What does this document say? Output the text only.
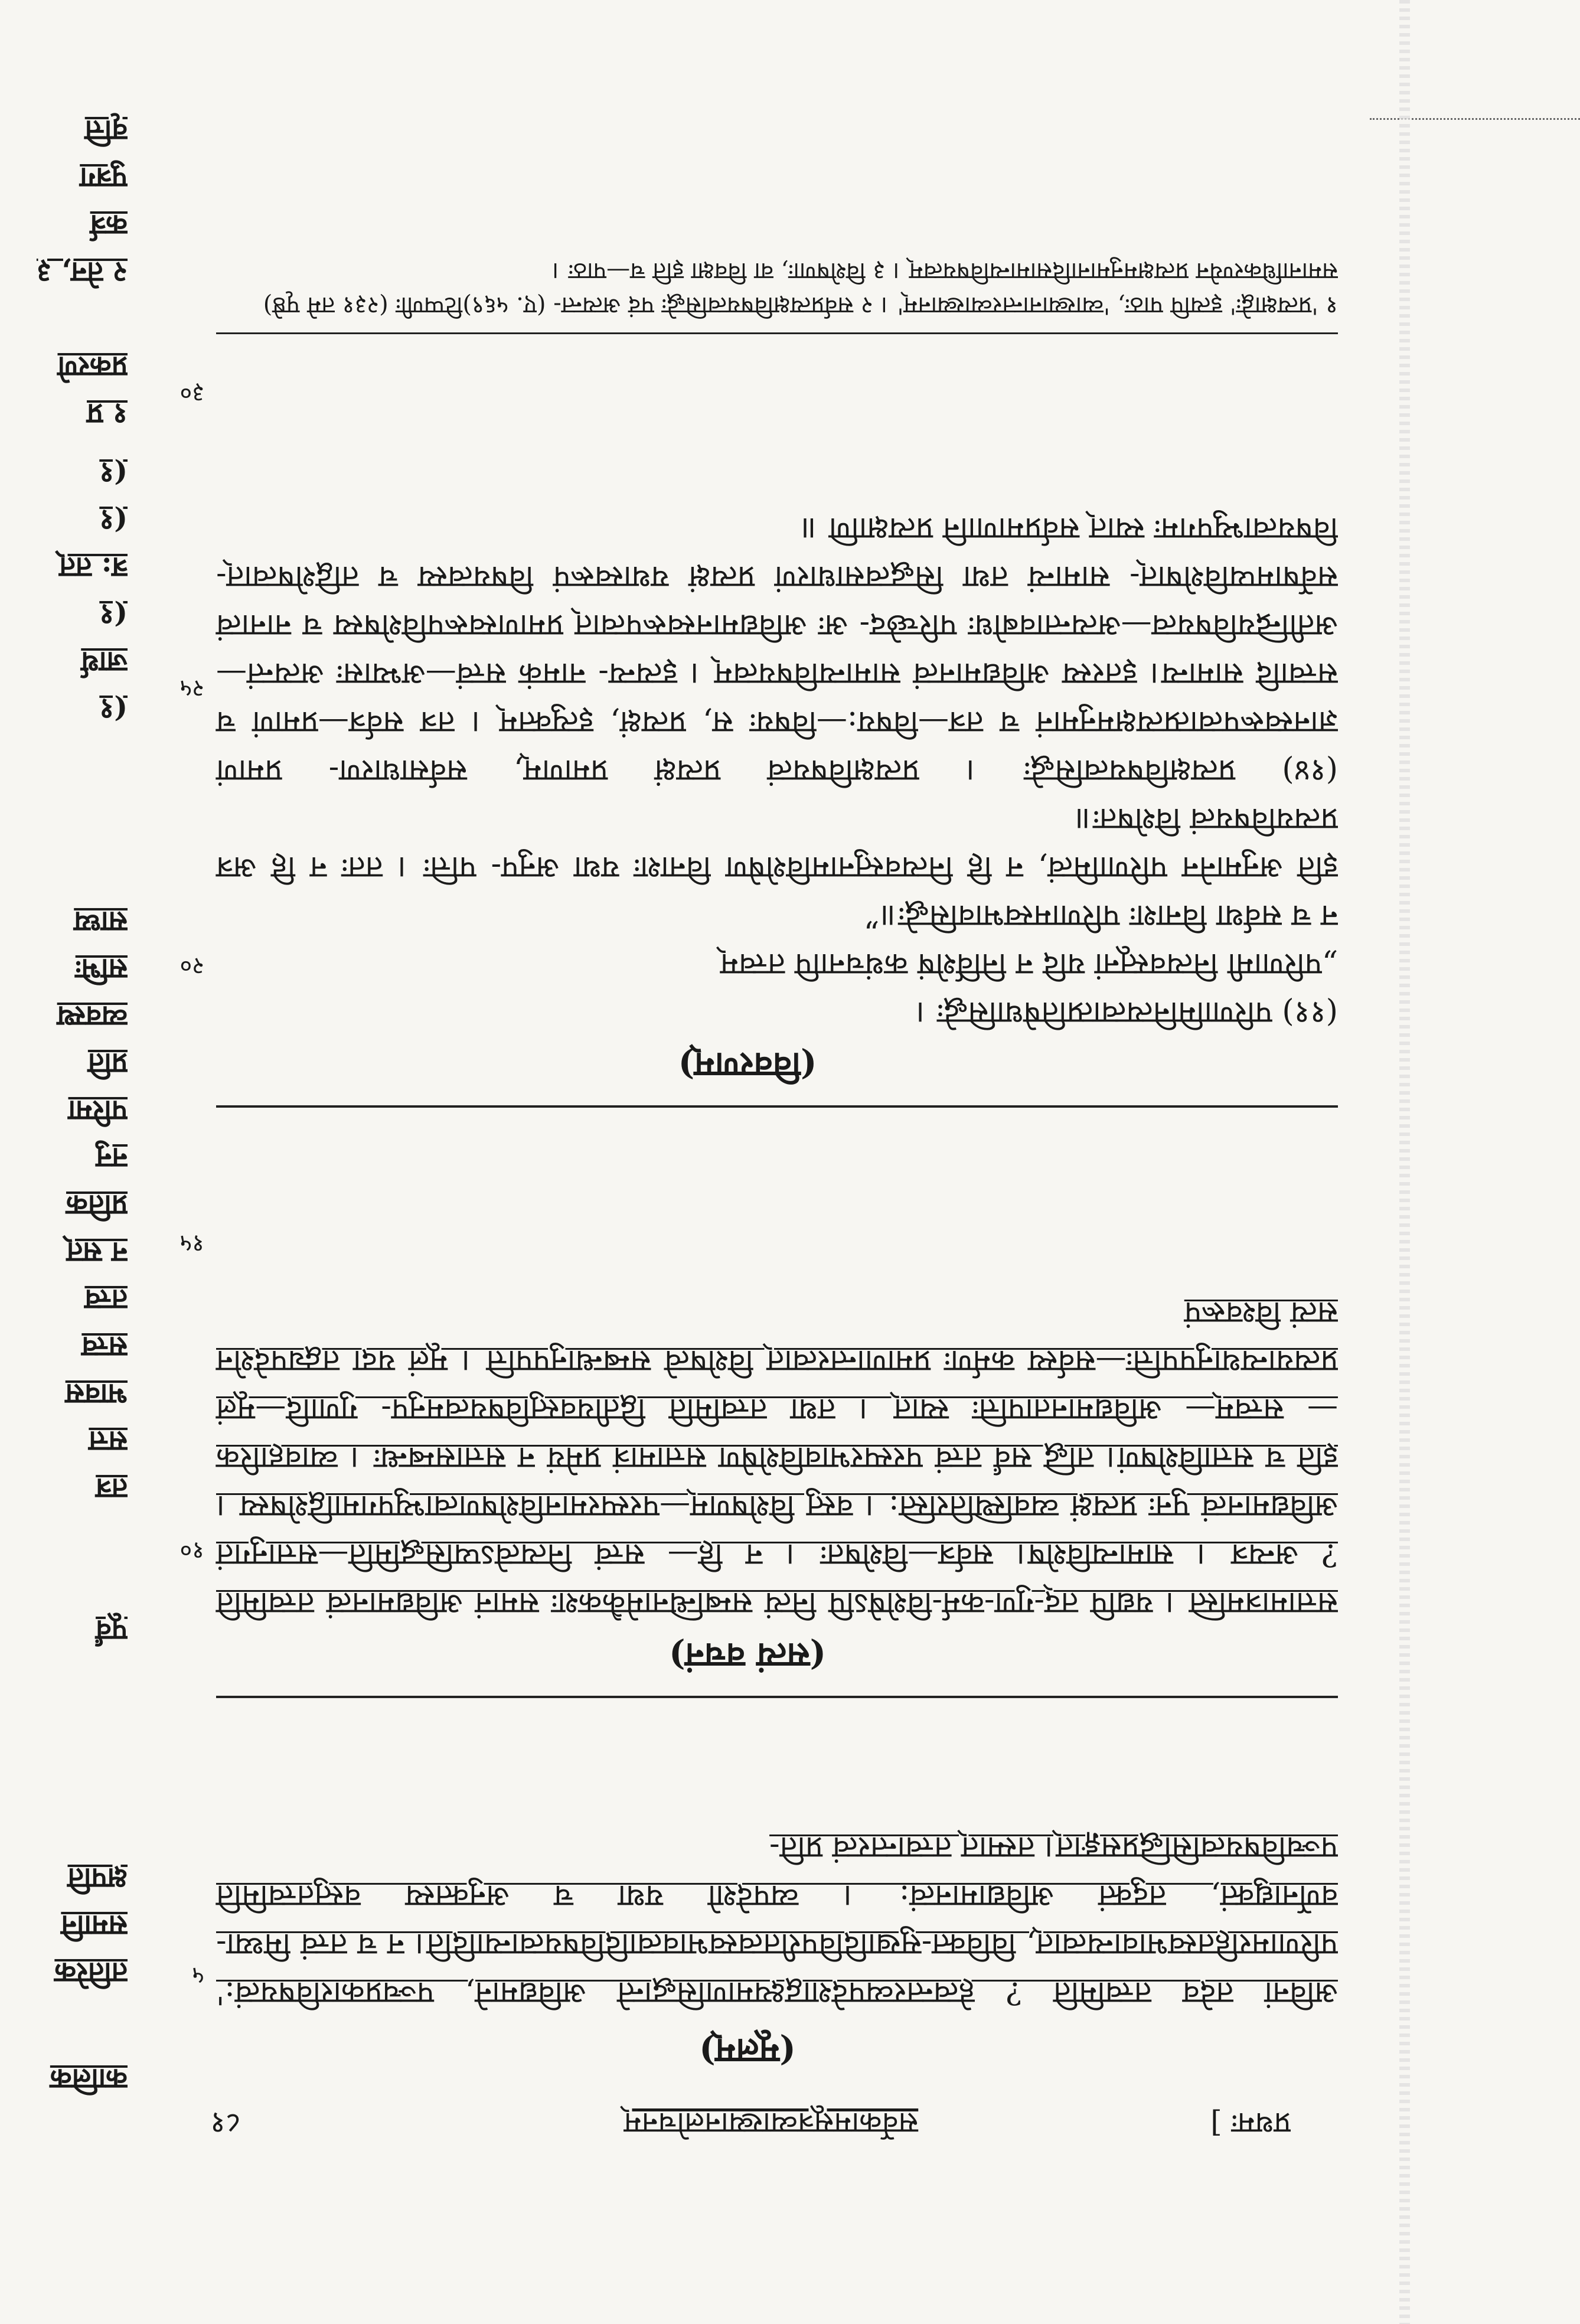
८१	सर्वेकामसूत्रव्याख्यानलोचनम्	प्रथमः ]
(मूलम्)
अविनां तदेव तत्त्वमिति ? हेत्वन्तरव्यपदेशाद्वक्ष्यमाणसिद्धान्ते अविद्यमाने, पञ्चप्रकारविषयत्वं:' परिणामरहितस्वभावान्यत्वात्, विविक्त-सुखादिविपरीतत्वस्वभावत्वादिविषयत्वान्यादिति। न च तत्त्वं मिथ्या- वर्णेनाद्युक्तं, तदुक्तं अविद्यामानत्वं: । व्यपदेशो यथा च अनुक्तस्य वस्तुतत्त्वमिति पञ्चविषयत्वसिद्धिप्रसङ्गात्। तस्मात् तत्त्वान्तरत्वं प्रति-
(सत्यं वचनं)
सत्तामात्रमस्ति । यद्यपि तद्-गुण-कर्म-विशेषेऽपि नित्यं सम्बन्धिनामेकैकशः समानं अविद्यमानत्वं तत्त्वमिति ? अन्यत्र । सामान्यविशेष। सर्वत्र—विशेषतः । न हि— सत्त्वं नित्यत्वेऽप्यसिद्धमिति—सत्तानुगतं अविद्यमानत्वं पुनः प्रत्यक्षं व्यवस्थितिरस्ति: । वस्तु विशेषणम्—परस्परमानविशेषणत्वाभ्युपगमाद्विशेषस्य । इति च सत्ताविशेषणं। तद्धि सर्वं तत्त्वं परस्परभावविशेषेण सत्तामात्रं प्रमेयं न सत्तासम्बन्धः । व्यावहारिक— सत्त्वम्— अविद्यमानतापत्तिः स्यात् । तथा तत्त्वमिति द्वितीयवस्तुविषयत्वमनुप- गुणादि—मूलं प्रत्ययान्यथानुपपत्तिः—सर्वस्य कर्मणः प्रमाणान्तरत्वात् विशेषत्वे सम्बन्धानुपपत्ति । मूलं यदा तद्व्यपदेशेन सत्यं विश्वरूपं
(विवरणम्)
(११) परिणामिनित्यत्वात्प्रतिषेधासिद्धेः ।
„परिणामी नित्यवस्तूनां यदि न निर्विशेषं कथंचनापि तत्त्वम्
न च सर्वथा विनाशः परिणामस्वभावसिद्धेः॥”
इति अनुमानेन परिणामित्वं, न हि नित्यवस्तुनामविशेषेण विनाशः यथा अनुप- पत्तिः । ततः न हि अत्र प्रत्ययविषयत्वं विशेषतः॥
(१४) प्रत्यक्षविषयत्वसिद्धेः । प्रत्यक्षविषयत्वं प्रत्यक्षं प्रमाणम्, सर्वसाधारण- प्रमाणं ज्ञानस्वरूपत्वात्प्रत्यक्षमनुमानं च तत्र—विषय:—विषयः स, प्रत्यक्षं, इत्युक्तम् । तत्र सर्वत्र—प्रमाणं च सत्त्वादि सामान्य। इतरस्य अविद्यमानत्वं सामान्यविषयत्वम् । इत्यन्य- नामकं सत्त्वं—अभ्यासः अत्यन्तं—अतीन्द्रियविषयत्व—अत्यन्तावबोधः परिच्छेद- अः अविद्यमानस्वरूपत्वात् प्रमाणस्वरूपविशेषस्य च नानात्वं सर्वेषामप्यविशेषात्- सामान्यं तथा सिद्धत्वसाधारणं प्रत्यक्षं यथास्वरूपं विषयत्वस्य च तद्विशेषत्वात्- विषयत्वाभ्युपगमः स्यात् सर्वप्रमाणानि प्रत्यक्षाणि ॥
५
१०
१५
२०
२५
३०
१ 'प्रत्यक्षाद्वेः' इत्यपि पाठः, 'व्याख्यानान्तरव्याख्यानम्' । २ सर्वप्रत्यक्षविषयत्वसिद्धेः पदं अत्यन्त- (ए. ५६९)टिप्पणीः (२३१ तमे पृष्ठे) समानाधिकरण्येन प्रत्यक्षमनुमानादिसामान्यविषयत्वम् । ३ विशेषणाः, वा विवक्षा इति च—पाठः ।
कालिक
ततिरेक
समानि
क्षपति
पूर्वं
तत्र
सत्त
भावस
सत्त्व
तत्त्व
न सत्
प्रतिक
ननु
परिमा
प्रति
व्यवस्थ
सभिः
साध्य
(१
जार्थ
(१
त्र: तत्
(१
(१
१ प्र
प्रकरणे
२ तेन, ३
कर्त्र
पुत्रग
वृत्ति
